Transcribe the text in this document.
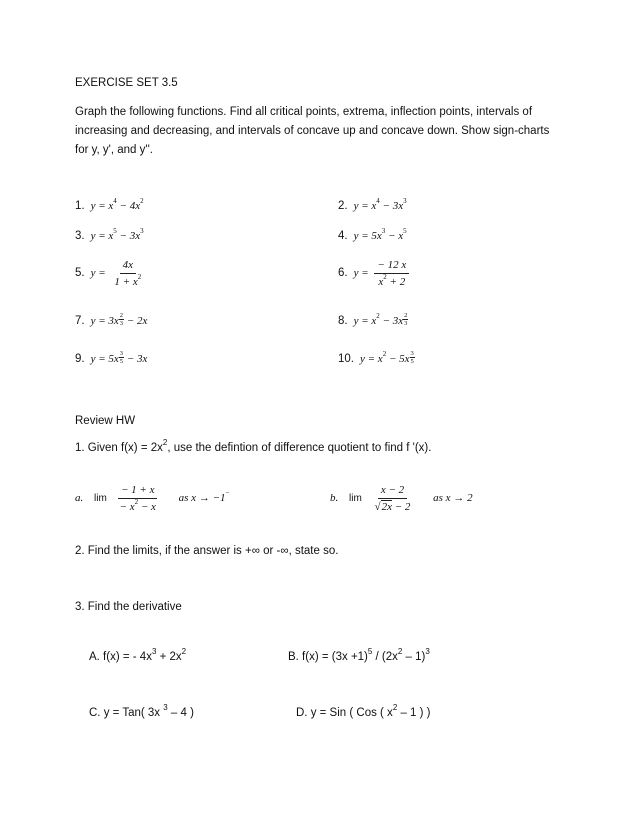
EXERCISE SET 3.5
Graph the following functions. Find all critical points, extrema, inflection points, intervals of increasing and decreasing, and intervals of concave up and concave down. Show sign-charts for y, y', and y''.
1. $y = x^4 - 4x^2$	2. $y = x^4 - 3x^3$
3. $y = x^5 - 3x^3$	4. $y = 5x^3 - x^5$
5. $y = \frac{4x}{1 + x^2}$	6. $y = \frac{- 12 x}{x^2 + 2}$
7. $y = 3x \frac{2}{3} - 2x$	8. $y = x^2 - 3x \frac{2}{3}$
9. $y = 5x \frac{3}{5} - 3x$	10. $y = x^2 - 5x \frac{3}{5}$
Review HW
1. Given $f(x) = 2x^2$, use the defintion of difference quotient to find f '(x).
a. $\lim \frac{- 1 + x}{- x^2 - x}$ as x → −1−	b. $\lim \frac{x - 2}{√2x - 2}$ as x → 2
2. Find the limits, if the answer is +∞ or -∞, state so.
3. Find the derivative
A. f(x) = - $4x^3 + 2x^2$	B. $f(x) = (3x +1)^5 / (2x^2 - 1)^3$
C. y = Tan( 3x $^3$ – 4 )	D. y = Sin ( Cos ( $x^2 - 1$ ) )
